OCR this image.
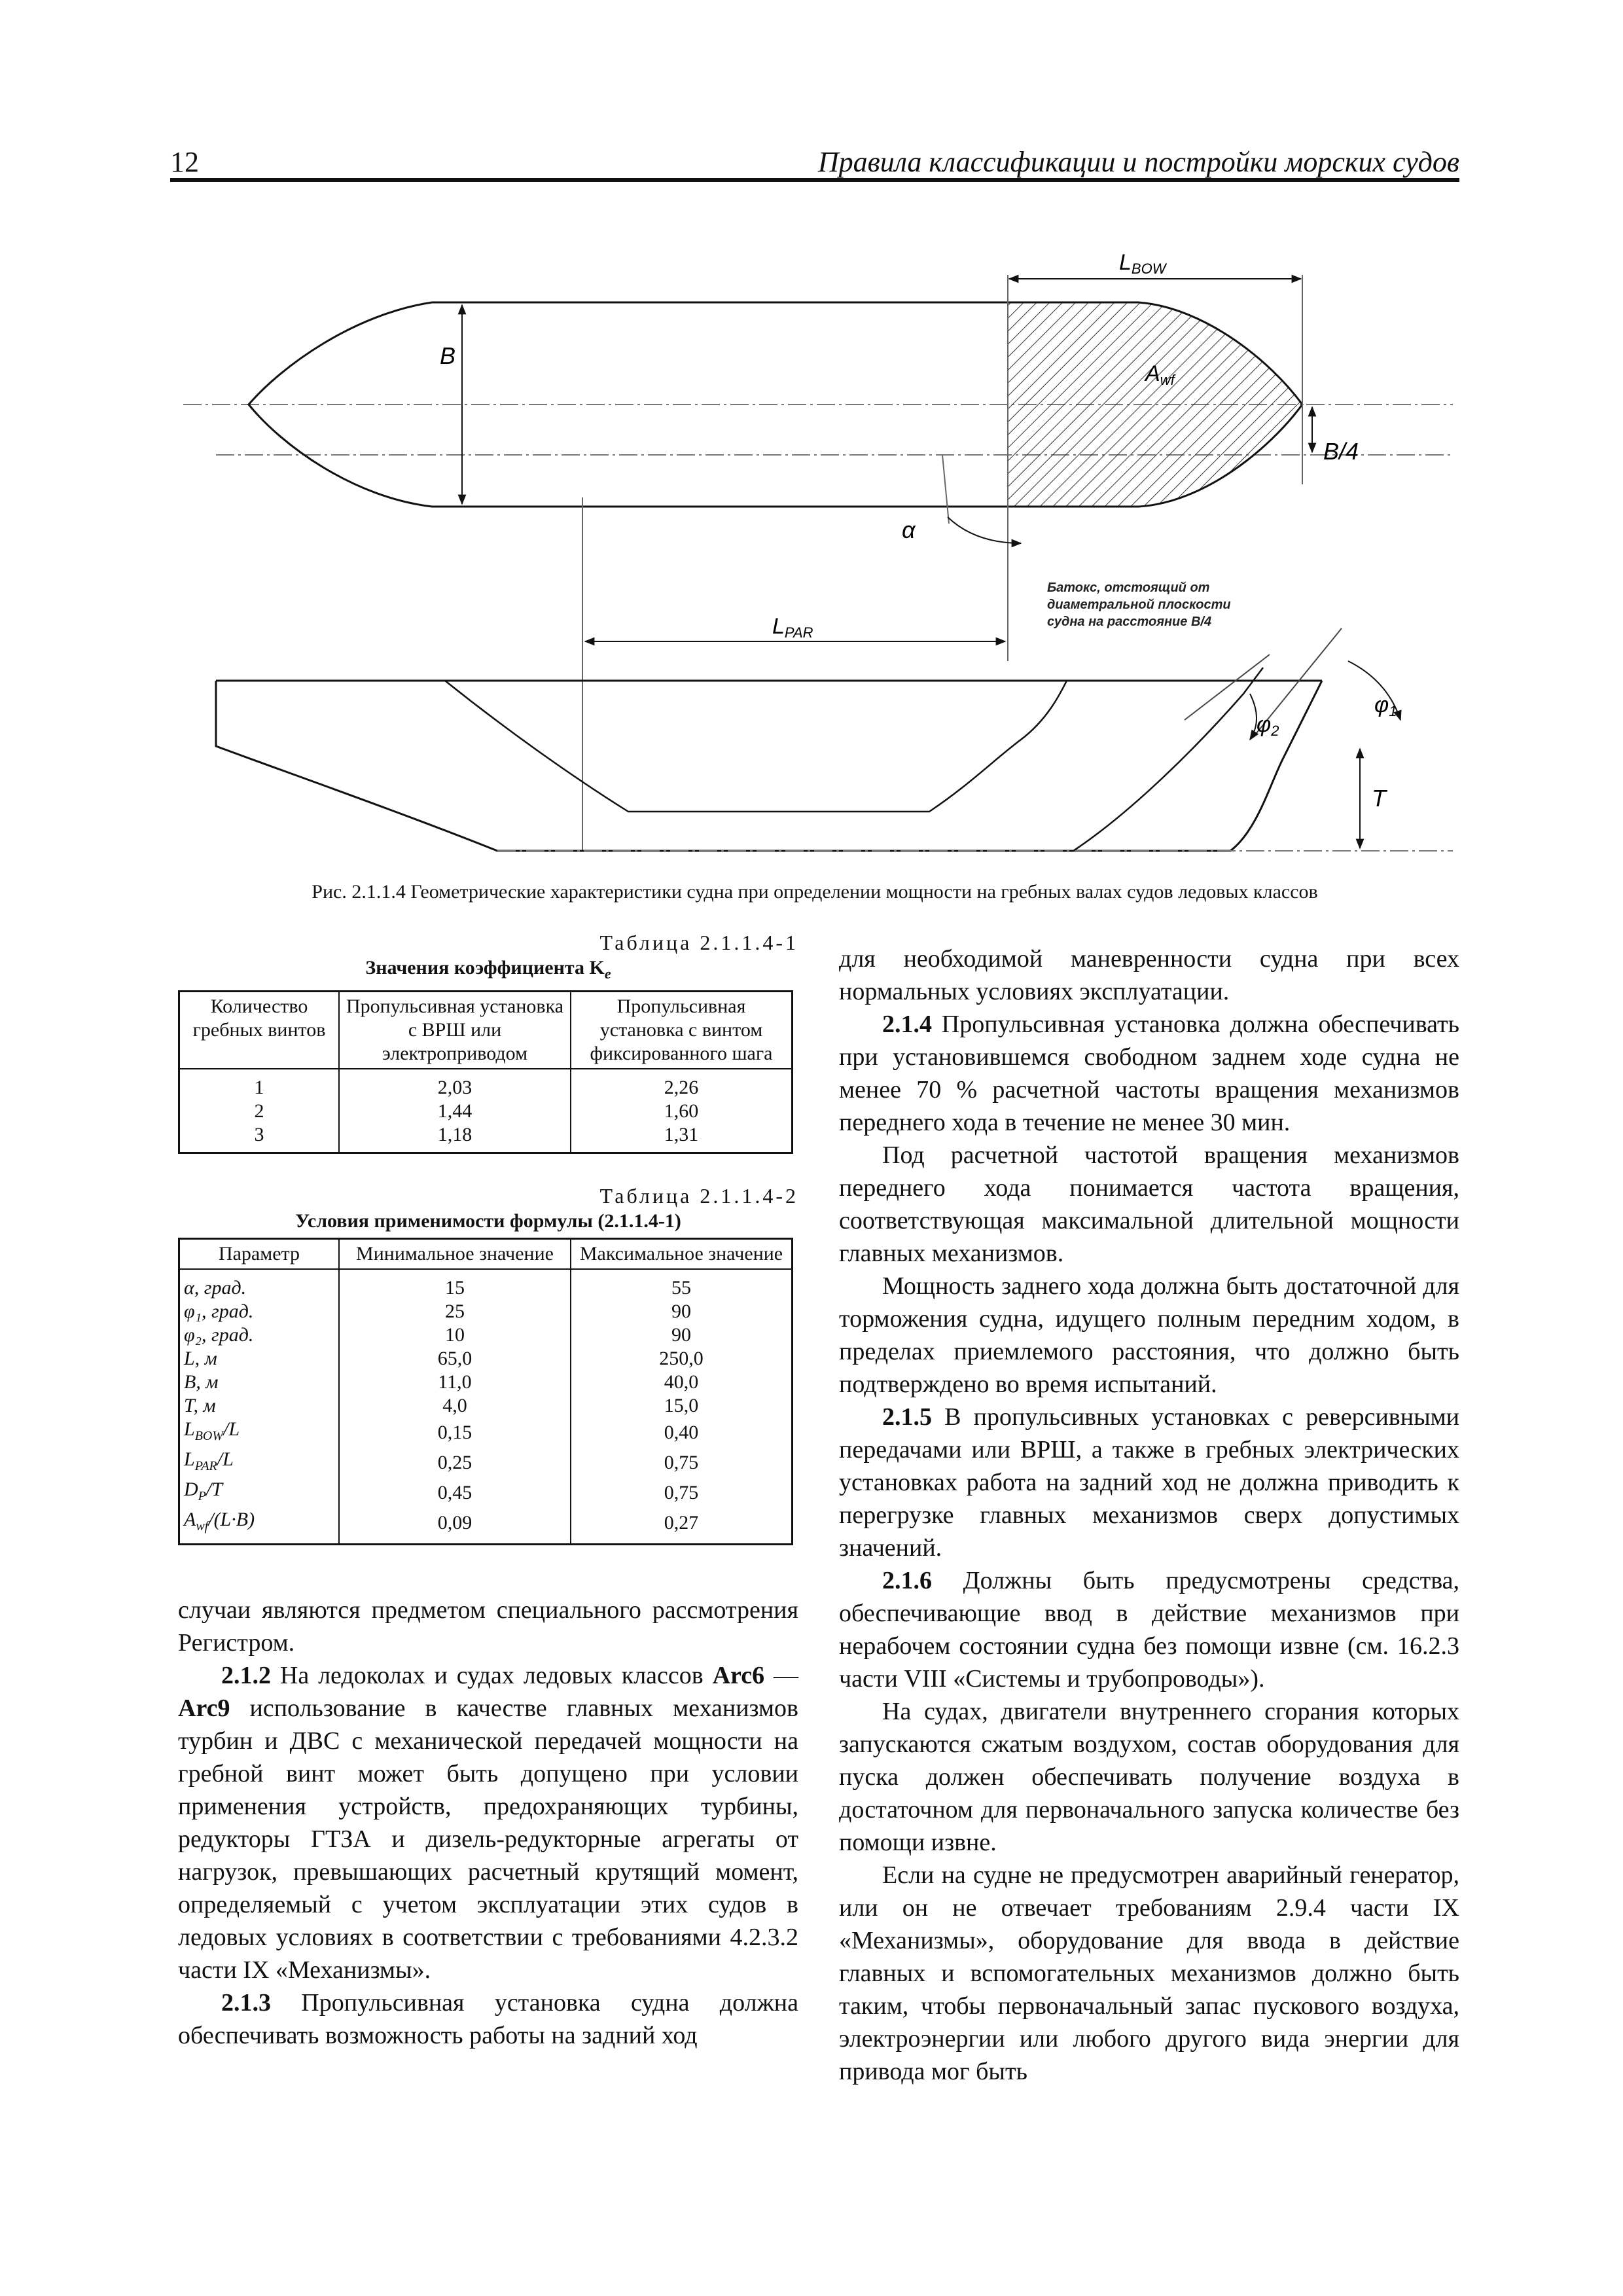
12	Правила классификации и постройки морских судов
LBOW
B
Awf
B/4
α
Батокс, отстоящий от диаметральной плоскости судна на расстояние B/4
LPAR
φ1
φ2
T
Рис. 2.1.1.4 Геометрические характеристики судна при определении мощности на гребных валах судов ледовых классов
Таблица 2.1.1.4-1
Значения коэффициента $K_e$
Количество гребных винтов	Пропульсивная установка с ВРШ или электроприводом	Пропульсивная установка с винтом фиксированного шага
1	2,03	2,26
2	1,44	1,60
3	1,18	1,31
Таблица 2.1.1.4-2
Условия применимости формулы (2.1.1.4-1)
Параметр	Минимальное значение	Максимальное значение
α, град.	15	55
φ₁, град.	25	90
φ₂, град.	10	90
L, м	65,0	250,0
B, м	11,0	40,0
T, м	4,0	15,0
$L_{BOW}/L$	0,15	0,40
$L_{PAR}/L$	0,25	0,75
$D_P/T$	0,45	0,75
$A_{wf}/(L\cdot B)$	0,09	0,27

случаи являются предметом специального рассмотрения Регистром.

2.1.2 На ледоколах и судах ледовых классов Arc6 — Arc9 использование в качестве главных механизмов турбин и ДВС с механической передачей мощности на гребной винт может быть допущено при условии применения устройств, предохраняющих турбины, редукторы ГТЗА и дизель-редукторные агрегаты от нагрузок, превышающих расчетный крутящий момент, определяемый с учетом эксплуатации этих судов в ледовых условиях в соответствии с требованиями 4.2.3.2 части IX «Механизмы».

2.1.3 Пропульсивная установка судна должна обеспечивать возможность работы на задний ход

для необходимой маневренности судна при всех нормальных условиях эксплуатации.

2.1.4 Пропульсивная установка должна обеспечивать при установившемся свободном заднем ходе судна не менее 70 % расчетной частоты вращения механизмов переднего хода в течение не менее 30 мин.

Под расчетной частотой вращения механизмов переднего хода понимается частота вращения, соответствующая максимальной длительной мощности главных механизмов.

Мощность заднего хода должна быть достаточной для торможения судна, идущего полным передним ходом, в пределах приемлемого расстояния, что должно быть подтверждено во время испытаний.

2.1.5 В пропульсивных установках с реверсивными передачами или ВРШ, а также в гребных электрических установках работа на задний ход не должна приводить к перегрузке главных механизмов сверх допустимых значений.

2.1.6 Должны быть предусмотрены средства, обеспечивающие ввод в действие механизмов при нерабочем состоянии судна без помощи извне (см. 16.2.3 части VIII «Системы и трубопроводы»).

На судах, двигатели внутреннего сгорания которых запускаются сжатым воздухом, состав оборудования для пуска должен обеспечивать получение воздуха в достаточном для первоначального запуска количестве без помощи извне.

Если на судне не предусмотрен аварийный генератор, или он не отвечает требованиям 2.9.4 части IX «Механизмы», оборудование для ввода в действие главных и вспомогательных механизмов должно быть таким, чтобы первоначальный запас пускового воздуха, электроэнергии или любого другого вида энергии для привода мог быть
